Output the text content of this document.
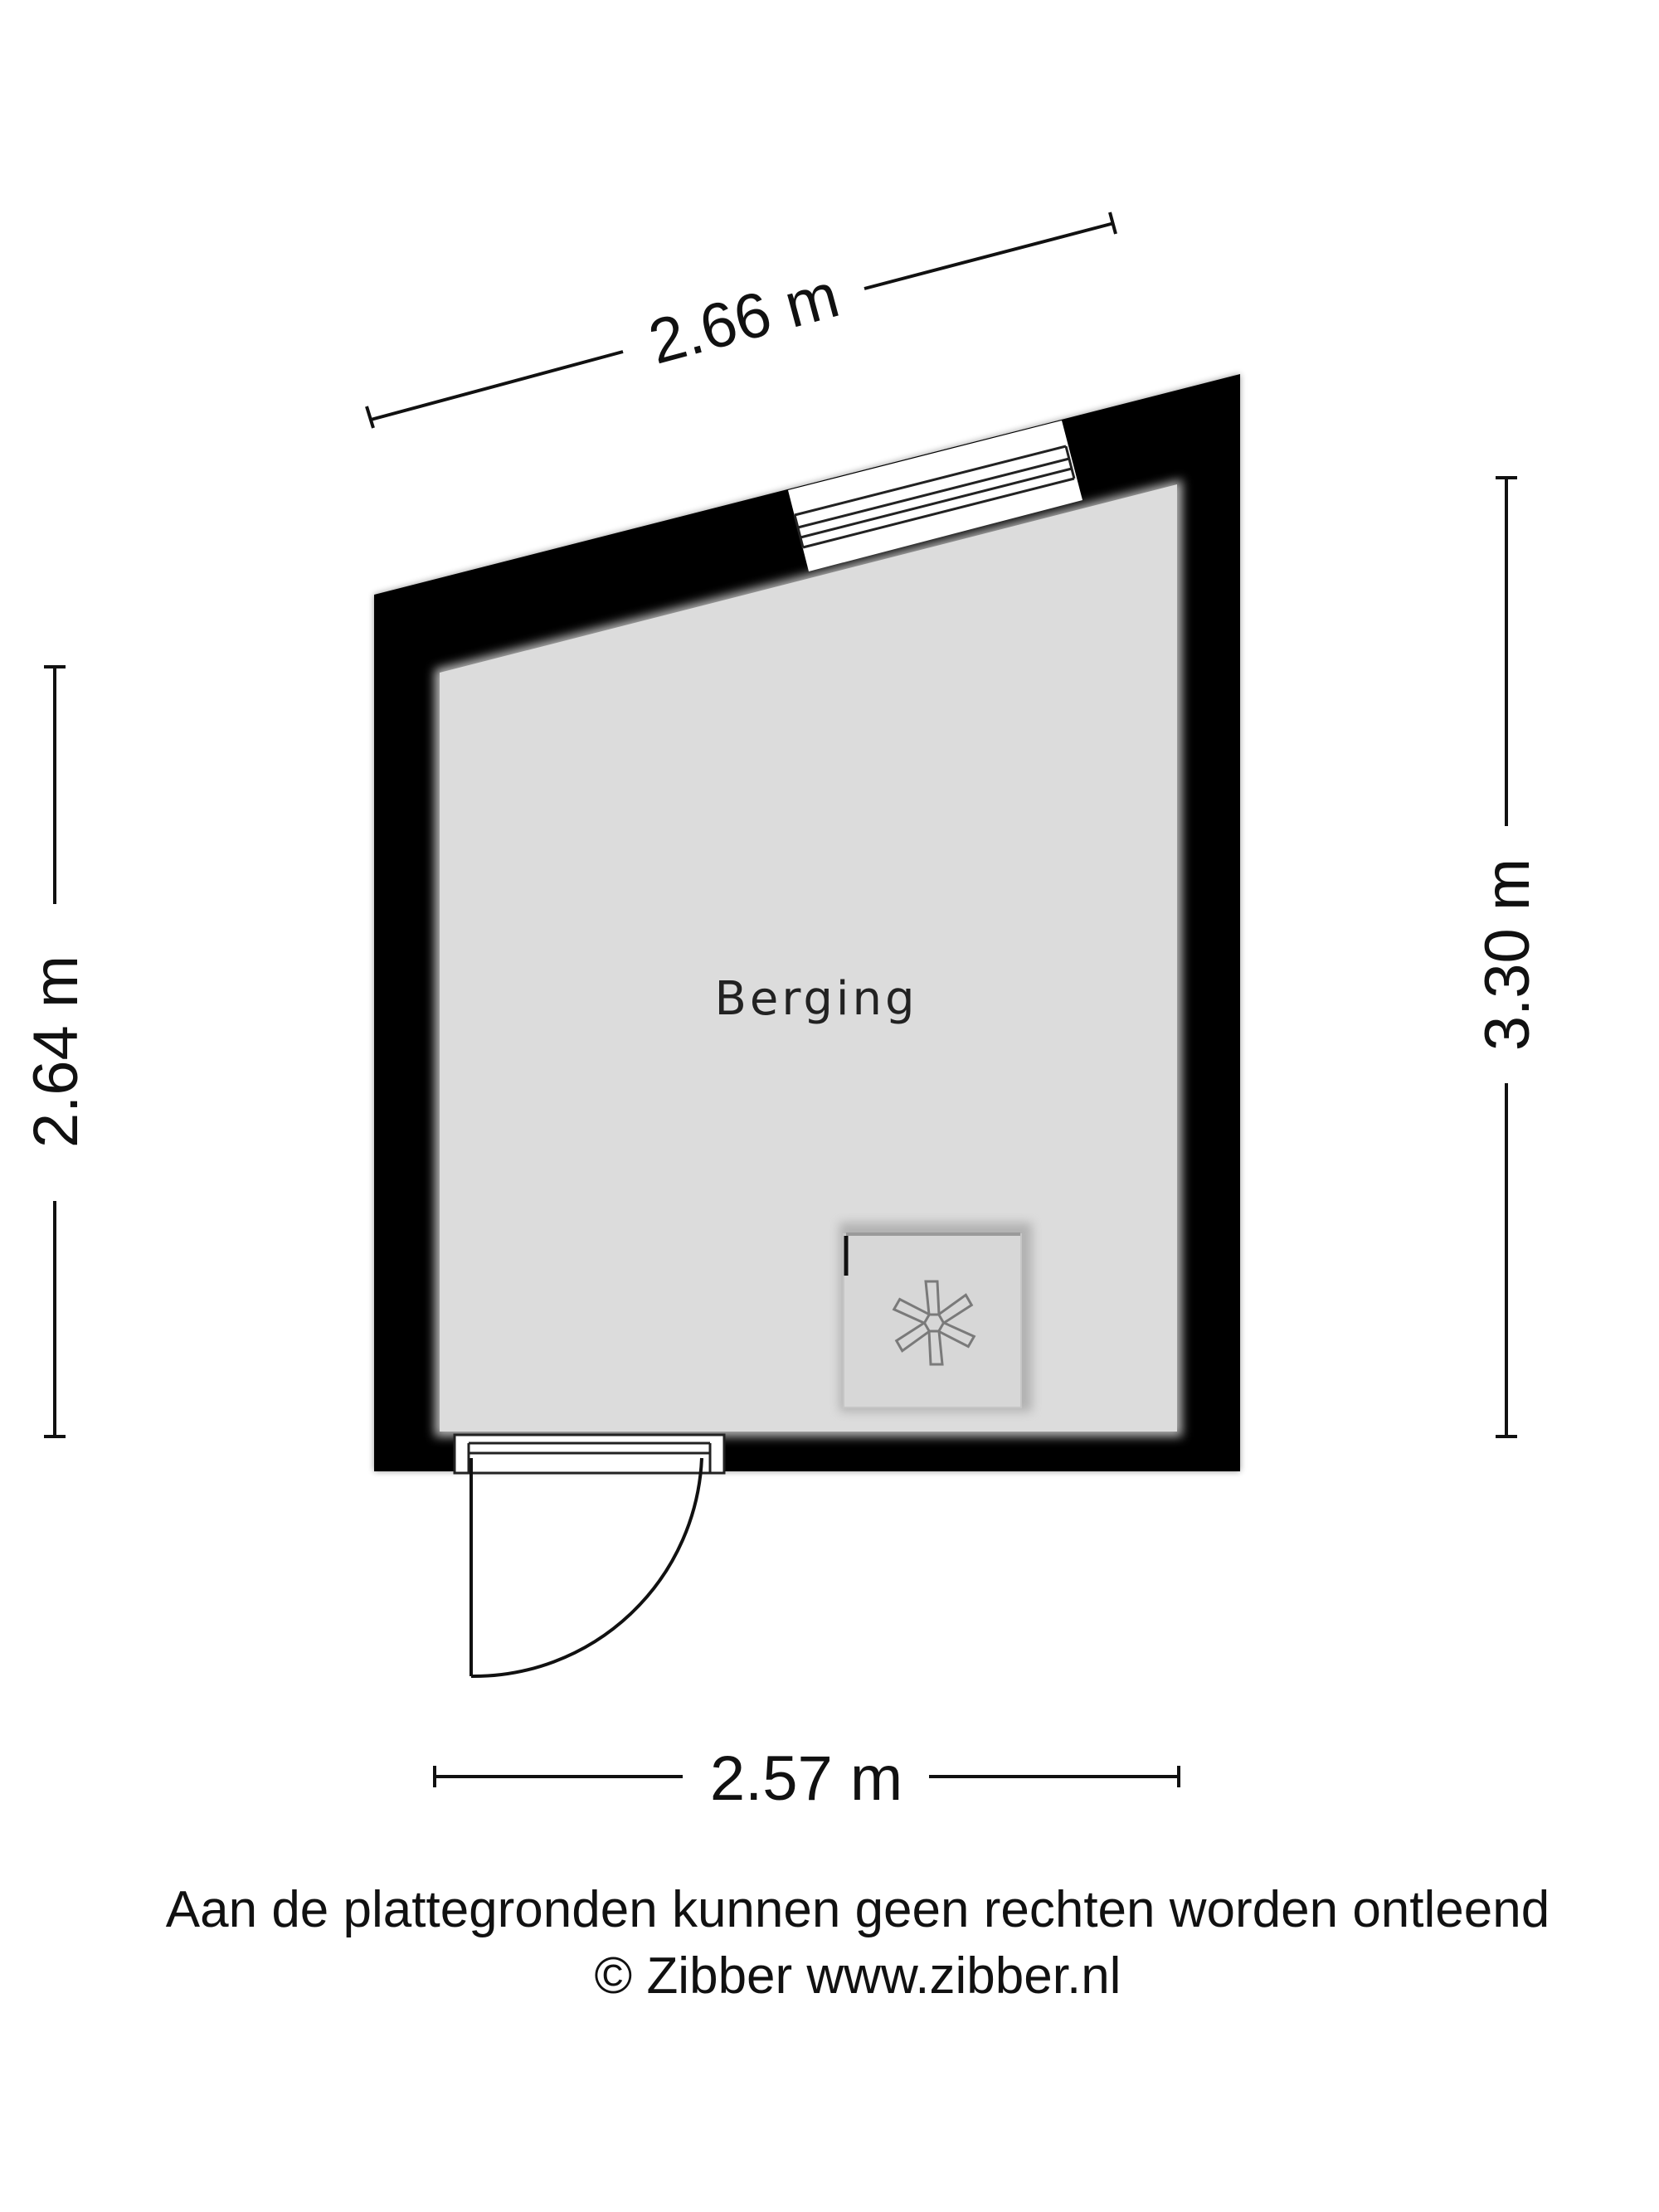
2.66 m
2.64 m
3.30 m
2.57 m
Berging
Aan de plattegronden kunnen geen rechten worden ontleend
© Zibber www.zibber.nl
